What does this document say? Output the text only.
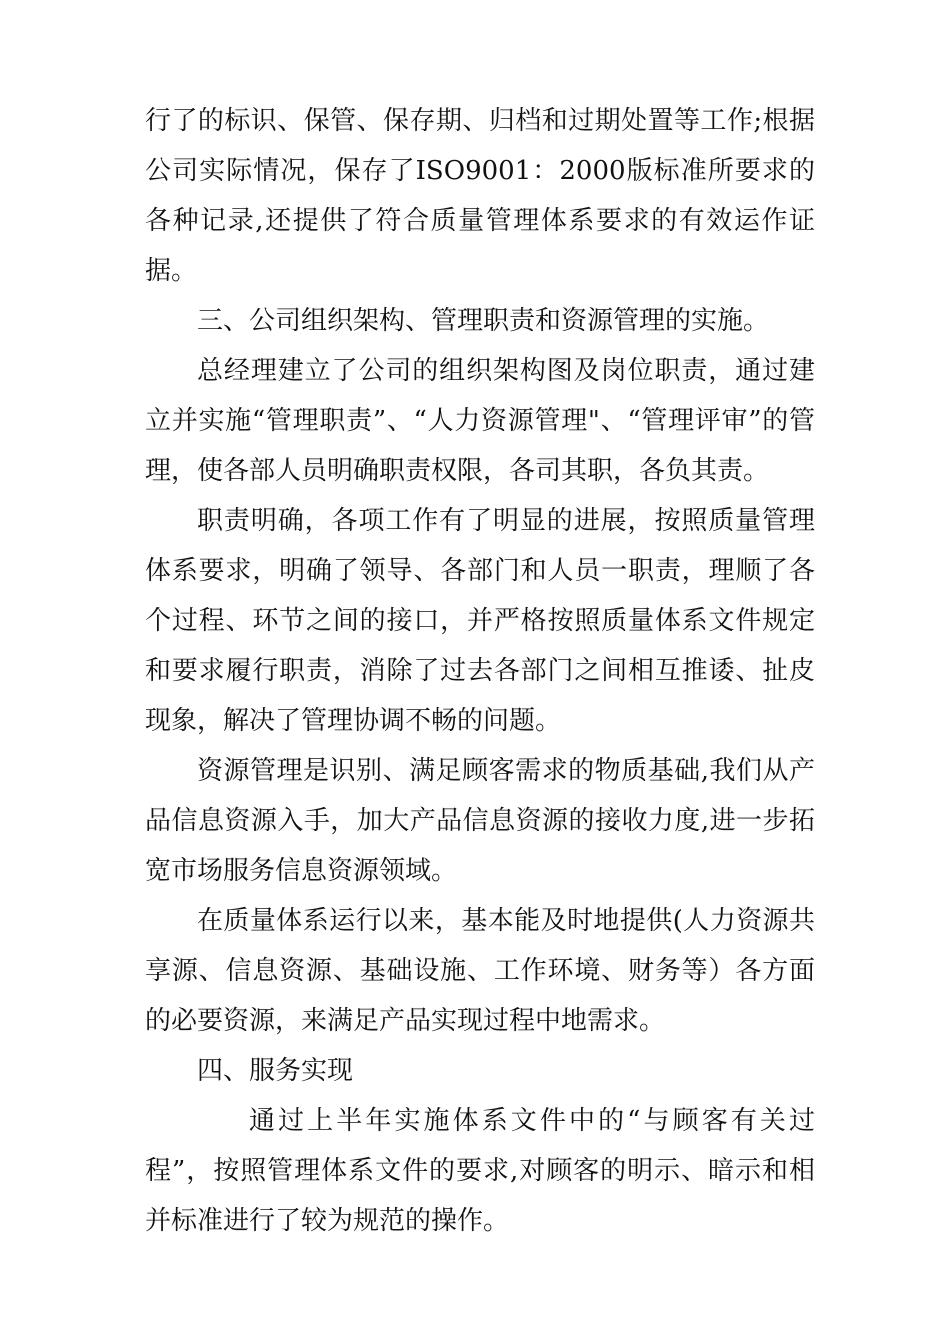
行了的标识、保管、保存期、归档和过期处置等工作;根据公司实际情况，保存了ISO9001：2000版标准所要求的各种记录,还提供了符合质量管理体系要求的有效运作证据。

三、公司组织架构、管理职责和资源管理的实施。

总经理建立了公司的组织架构图及岗位职责，通过建立并实施“管理职责”、“人力资源管理"、“管理评审”的管理，使各部人员明确职责权限，各司其职，各负其责。

职责明确，各项工作有了明显的进展，按照质量管理体系要求，明确了领导、各部门和人员一职责，理顺了各个过程、环节之间的接口，并严格按照质量体系文件规定和要求履行职责，消除了过去各部门之间相互推诿、扯皮现象，解决了管理协调不畅的问题。

资源管理是识别、满足顾客需求的物质基础,我们从产品信息资源入手，加大产品信息资源的接收力度,进一步拓宽市场服务信息资源领域。

在质量体系运行以来，基本能及时地提供(人力资源共享源、信息资源、基础设施、工作环境、财务等）各方面的必要资源，来满足产品实现过程中地需求。

四、服务实现

通过上半年实施体系文件中的“与顾客有关过程”，按照管理体系文件的要求,对顾客的明示、暗示和相并标准进行了较为规范的操作。
